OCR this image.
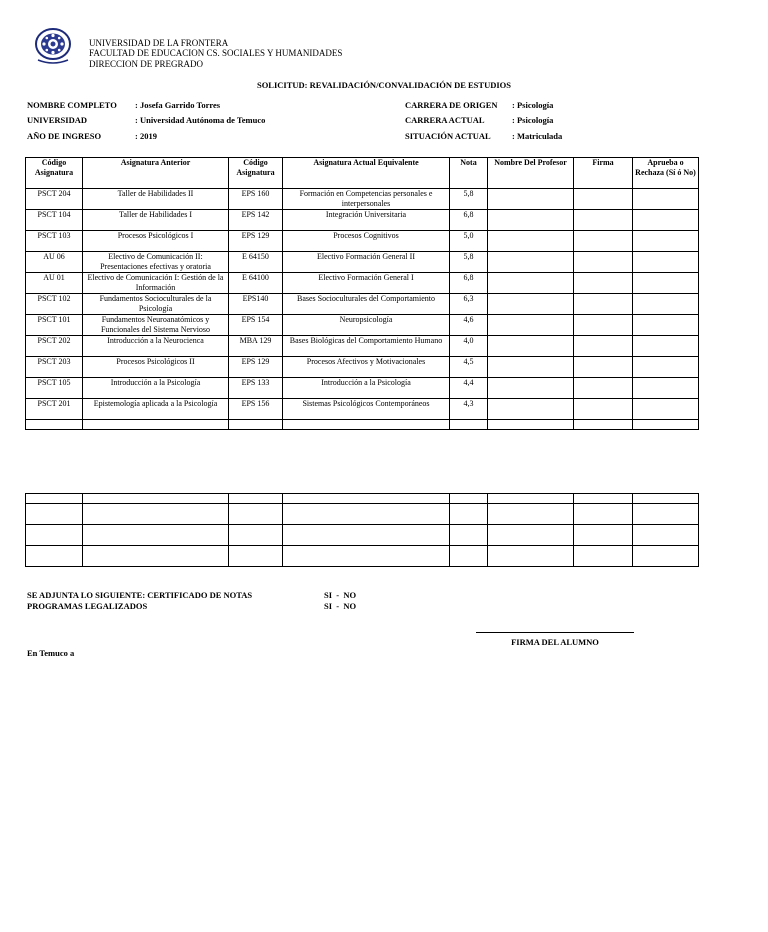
UNIVERSIDAD DE LA FRONTERA
FACULTAD DE EDUCACION CS. SOCIALES Y HUMANIDADES
DIRECCION DE PREGRADO
SOLICITUD: REVALIDACIÓN/CONVALIDACIÓN DE ESTUDIOS
NOMBRE COMPLETO : Josefa Garrido Torres
UNIVERSIDAD	: Universidad Autónoma de Temuco
AÑO DE INGRESO	: 2019
CARRERA DE ORIGEN : Psicología
CARRERA ACTUAL	: Psicología
SITUACIÓN ACTUAL	: Matriculada
Código Asignatura	Asignatura Anterior	Código Asignatura	Asignatura Actual Equivalente	Nota	Nombre Del Profesor	Firma	Aprueba o Rechaza (Sí ó No)
PSCT 204	Taller de Habilidades II	EPS 160	Formación en Competencias personales e interpersonales	5,8			
PSCT 104	Taller de Habilidades I	EPS 142	Integración Universitaria	6,8			
PSCT 103	Procesos Psicológicos I	EPS 129	Procesos Cognitivos	5,0			
AU 06	Electivo de Comunicación II: Presentaciones efectivas y oratoria	E 64150	Electivo Formación General II	5,8			
AU 01	Electivo de Comunicación I: Gestión de la Información	E 64100	Electivo Formación General I	6,8			
PSCT 102	Fundamentos Socioculturales de la Psicología	EPS140	Bases Socioculturales del Comportamiento	6,3			
PSCT 101	Fundamentos Neuroanatómicos y Funcionales del Sistema Nervioso	EPS 154	Neuropsicología	4,6			
PSCT 202	Introducción a la Neurocienca	MBA 129	Bases Biológicas del Comportamiento Humano	4,0			
PSCT 203	Procesos Psicológicos II	EPS 129	Procesos Afectivos y Motivacionales	4,5			
PSCT 105	Introducción a la Psicología	EPS 133	Introducción a la Psicología	4,4			
PSCT 201	Epistemología aplicada a la Psicología	EPS 156	Sistemas Psicológicos Contemporáneos	4,3			

SE ADJUNTA LO SIGUIENTE: CERTIFICADO DE NOTAS	SI  -  NO
PROGRAMAS LEGALIZADOS	SI  -  NO
FIRMA DEL ALUMNO
En Temuco a
